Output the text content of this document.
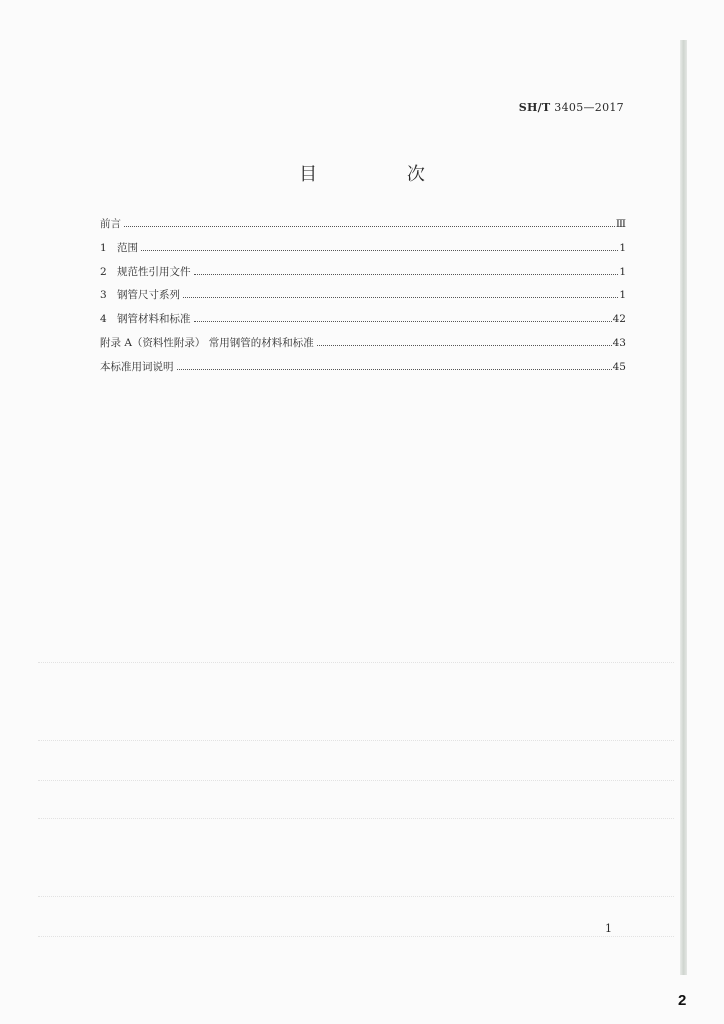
SH/T 3405—2017
目 次
前言	Ⅲ
1 范围	1
2 规范性引用文件	1
3 钢管尺寸系列	1
4 钢管材料和标准	42
附录 A（资料性附录） 常用钢管的材料和标准	43
本标准用词说明	45
1
2
